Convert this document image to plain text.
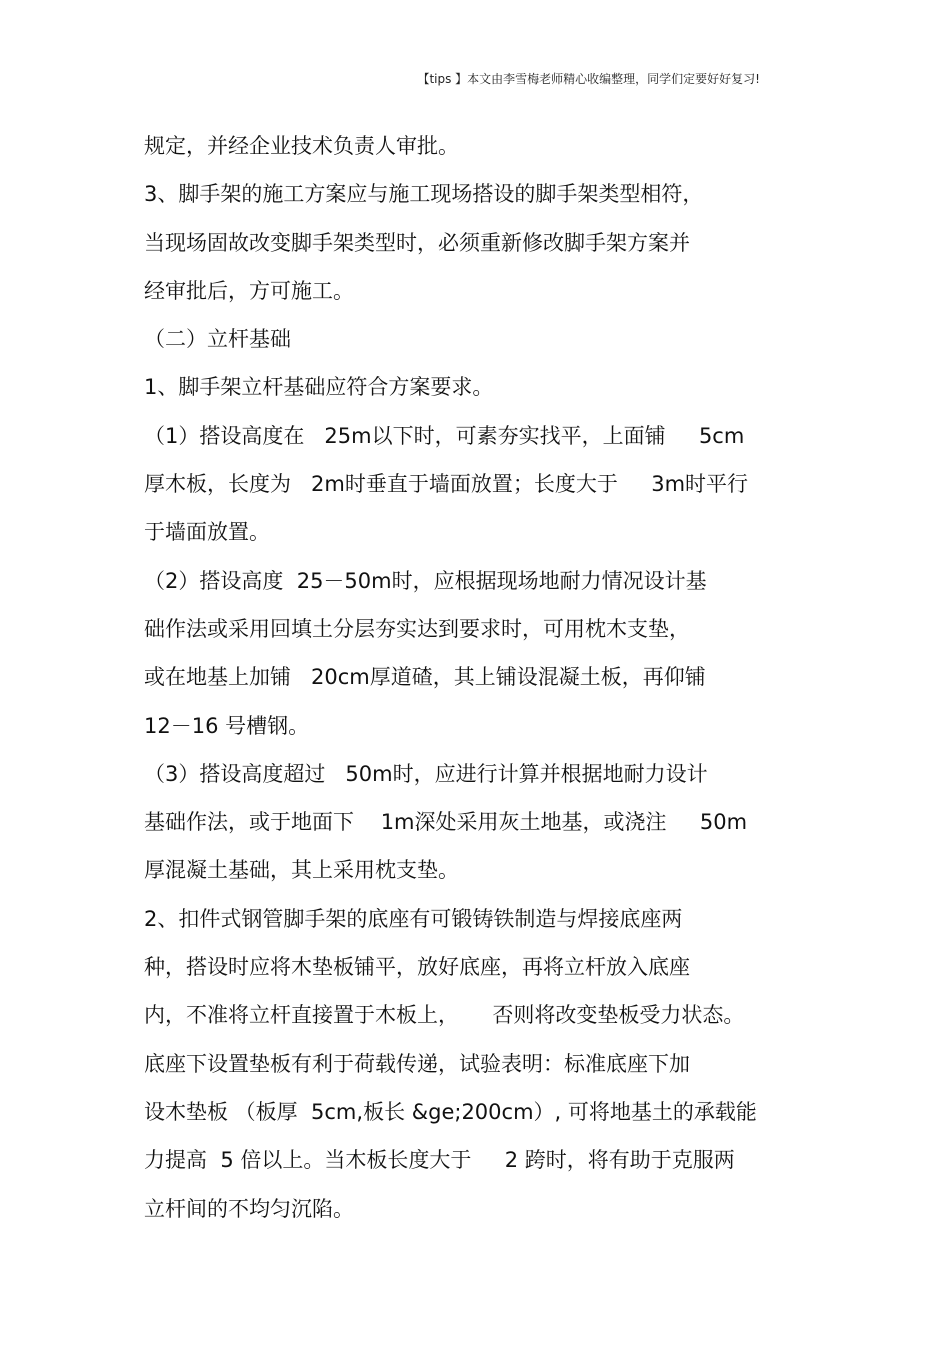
【tips 】本文由李雪梅老师精心收编整理，同学们定要好好复习!
规定，并经企业技术负责人审批。
3、脚手架的施工方案应与施工现场搭设的脚手架类型相符，
当现场固故改变脚手架类型时，必须重新修改脚手架方案并
经审批后，方可施工。
（二）立杆基础
1、脚手架立杆基础应符合方案要求。
（1）搭设高度在   25m以下时，可素夯实找平，上面铺     5cm
厚木板，长度为   2m时垂直于墙面放置；长度大于     3m时平行
于墙面放置。
（2）搭设高度  25－50m时，应根据现场地耐力情况设计基
础作法或采用回填土分层夯实达到要求时，可用枕木支垫，
或在地基上加铺   20cm厚道碴，其上铺设混凝土板，再仰铺
12－16 号槽钢。
（3）搭设高度超过   50m时，应进行计算并根据地耐力设计
基础作法，或于地面下    1m深处采用灰土地基，或浇注     50m
厚混凝土基础，其上采用枕支垫。
2、扣件式钢管脚手架的底座有可锻铸铁制造与焊接底座两
种，搭设时应将木垫板铺平，放好底座，再将立杆放入底座
内，不准将立杆直接置于木板上，     否则将改变垫板受力状态。
底座下设置垫板有利于荷载传递，试验表明：标准底座下加
设木垫板 （板厚  5cm,板长 &ge;200cm）, 可将地基土的承载能
力提高  5 倍以上。当木板长度大于     2 跨时，将有助于克服两
立杆间的不均匀沉陷。
